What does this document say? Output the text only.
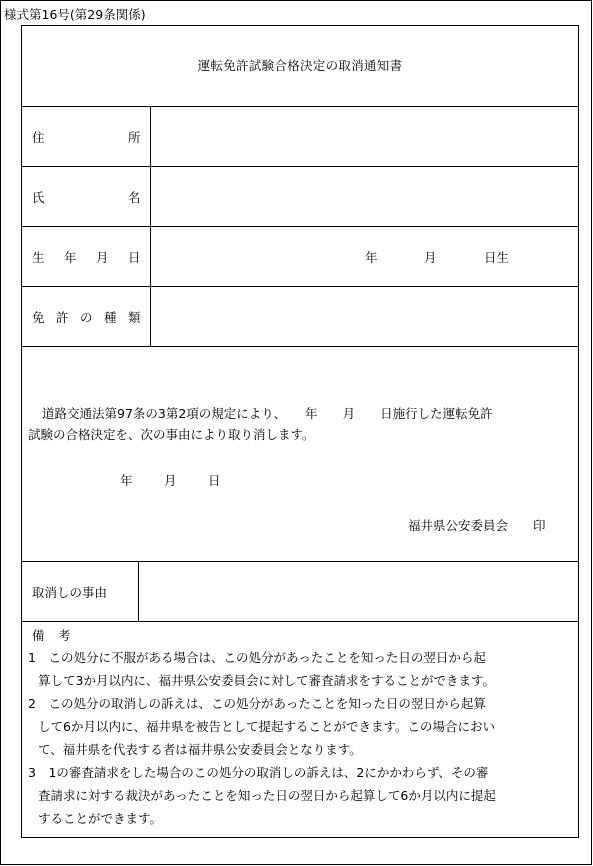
様式第16号(第29条関係)
運転免許試験合格決定の取消通知書
住	所
氏	名
生 年 月 日	年	月	日生
免 許 の 種 類

道路交通法第97条の3第2項の規定により、　　年　　月　　日施行した運転免許

試験の合格決定を、次の事由により取り消します。

年	月	日
福井県公安委員会　　印
取消しの事由
備 考
1　この処分に不服がある場合は、この処分があったことを知った日の翌日から起
算して3か月以内に、福井県公安委員会に対して審査請求をすることができます。
2　この処分の取消しの訴えは、この処分があったことを知った日の翌日から起算
して6か月以内に、福井県を被告として提起することができます。この場合におい
て、福井県を代表する者は福井県公安委員会となります。
3　1の審査請求をした場合のこの処分の取消しの訴えは、2にかかわらず、その審
査請求に対する裁決があったことを知った日の翌日から起算して6か月以内に提起
することができます。
